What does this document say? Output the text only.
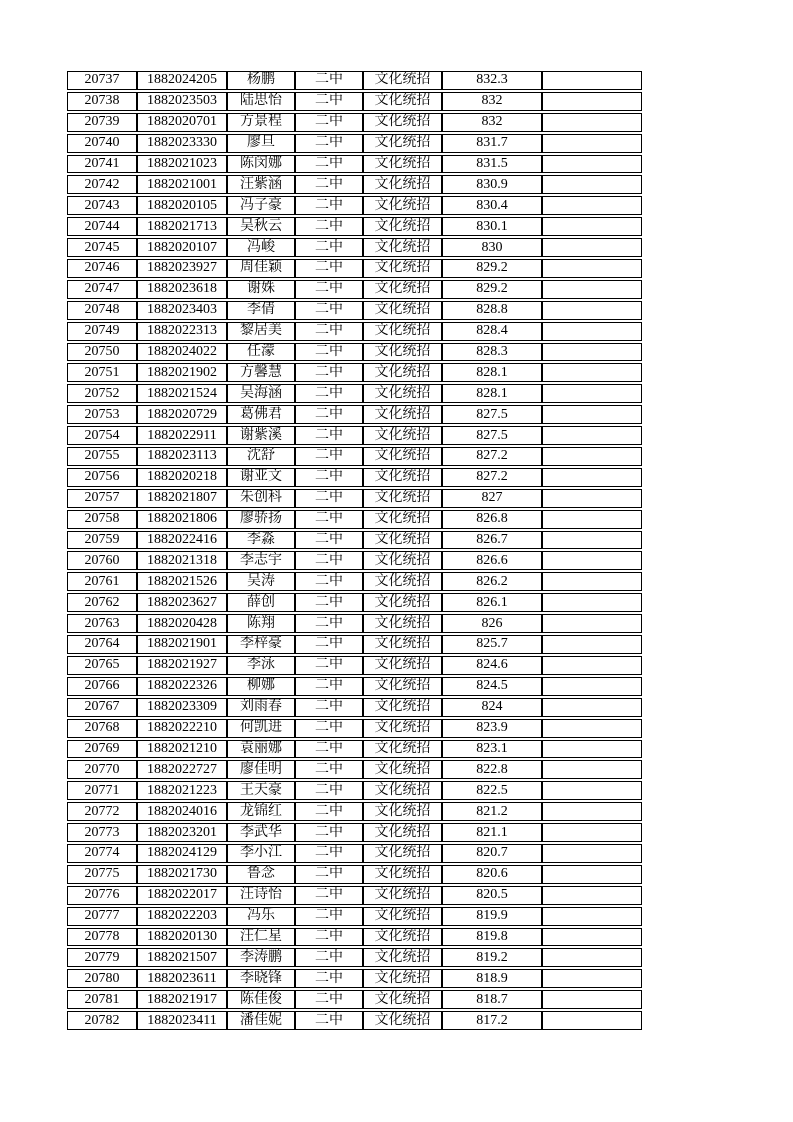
20737	1882024205	杨鹏	二中	文化统招	832.3	
20738	1882023503	陆思怡	二中	文化统招	832	
20739	1882020701	方景程	二中	文化统招	832	
20740	1882023330	廖旦	二中	文化统招	831.7	
20741	1882021023	陈闵娜	二中	文化统招	831.5	
20742	1882021001	汪紫涵	二中	文化统招	830.9	
20743	1882020105	冯子豪	二中	文化统招	830.4	
20744	1882021713	吴秋云	二中	文化统招	830.1	
20745	1882020107	冯峻	二中	文化统招	830	
20746	1882023927	周佳颖	二中	文化统招	829.2	
20747	1882023618	谢姝	二中	文化统招	829.2	
20748	1882023403	李倩	二中	文化统招	828.8	
20749	1882022313	黎居美	二中	文化统招	828.4	
20750	1882024022	任濛	二中	文化统招	828.3	
20751	1882021902	方馨慧	二中	文化统招	828.1	
20752	1882021524	吴海涵	二中	文化统招	828.1	
20753	1882020729	葛佛君	二中	文化统招	827.5	
20754	1882022911	谢紫溪	二中	文化统招	827.5	
20755	1882023113	沈舒	二中	文化统招	827.2	
20756	1882020218	谢亚文	二中	文化统招	827.2	
20757	1882021807	朱创科	二中	文化统招	827	
20758	1882021806	廖骄扬	二中	文化统招	826.8	
20759	1882022416	李淼	二中	文化统招	826.7	
20760	1882021318	李志宇	二中	文化统招	826.6	
20761	1882021526	吴涛	二中	文化统招	826.2	
20762	1882023627	薛创	二中	文化统招	826.1	
20763	1882020428	陈翔	二中	文化统招	826	
20764	1882021901	李梓豪	二中	文化统招	825.7	
20765	1882021927	李泳	二中	文化统招	824.6	
20766	1882022326	柳娜	二中	文化统招	824.5	
20767	1882023309	刘雨春	二中	文化统招	824	
20768	1882022210	何凯进	二中	文化统招	823.9	
20769	1882021210	袁丽娜	二中	文化统招	823.1	
20770	1882022727	廖佳明	二中	文化统招	822.8	
20771	1882021223	王天豪	二中	文化统招	822.5	
20772	1882024016	龙锦红	二中	文化统招	821.2	
20773	1882023201	李武华	二中	文化统招	821.1	
20774	1882024129	李小江	二中	文化统招	820.7	
20775	1882021730	鲁念	二中	文化统招	820.6	
20776	1882022017	汪诗怡	二中	文化统招	820.5	
20777	1882022203	冯乐	二中	文化统招	819.9	
20778	1882020130	汪仁星	二中	文化统招	819.8	
20779	1882021507	李涛鹏	二中	文化统招	819.2	
20780	1882023611	李晓锋	二中	文化统招	818.9	
20781	1882021917	陈佳俊	二中	文化统招	818.7	
20782	1882023411	潘佳妮	二中	文化统招	817.2	
